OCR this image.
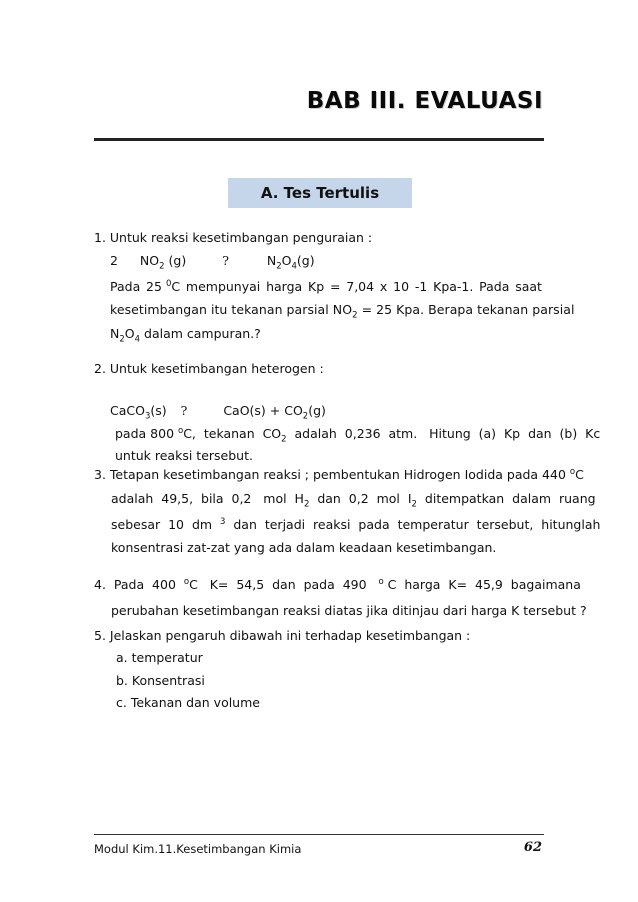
BAB III. EVALUASI
A. Tes Tertulis
1. Untuk reaksi kesetimbangan penguraian :
2 $NO_2$ (g)	?	$N_2O_4(g)$
Pada 25 $^0$C mempunyai harga Kp = 7,04 x 10 -1 Kpa-1. Pada saat
kesetimbangan itu tekanan parsial $NO_2 = 25$ Kpa. Berapa tekanan parsial
$N_2O_4$ dalam campuran.?
2. Untuk kesetimbangan heterogen :
CaCO$_3$(s) ?	$CaO(s) + CO_2(g)$
pada 800 $^o$C,  tekanan  $CO_2$  adalah  0,236  atm.   Hitung  (a)  Kp  dan  (b)  Kc
untuk reaksi tersebut.
3. Tetapan kesetimbangan reaksi ; pembentukan Hidrogen Iodida pada 440 $^o$C
adalah  49,5,  bila  0,2   mol  $H_2$  dan  0,2  mol  $I_2$  ditempatkan  dalam  ruang
sebesar  10  dm  $^3$  dan  terjadi  reaksi  pada  temperatur  tersebut,  hitunglah
konsentrasi zat-zat yang ada dalam keadaan kesetimbangan.
4.  Pada  400  $^o$C   K=  54,5  dan  pada  490   $^o$ C  harga  K=  45,9  bagaimana
perubahan kesetimbangan reaksi diatas jika ditinjau dari harga K tersebut ?
5. Jelaskan pengaruh dibawah ini terhadap kesetimbangan :
a. temperatur
b. Konsentrasi
c. Tekanan dan volume
Modul Kim.11.Kesetimbangan Kimia	62
